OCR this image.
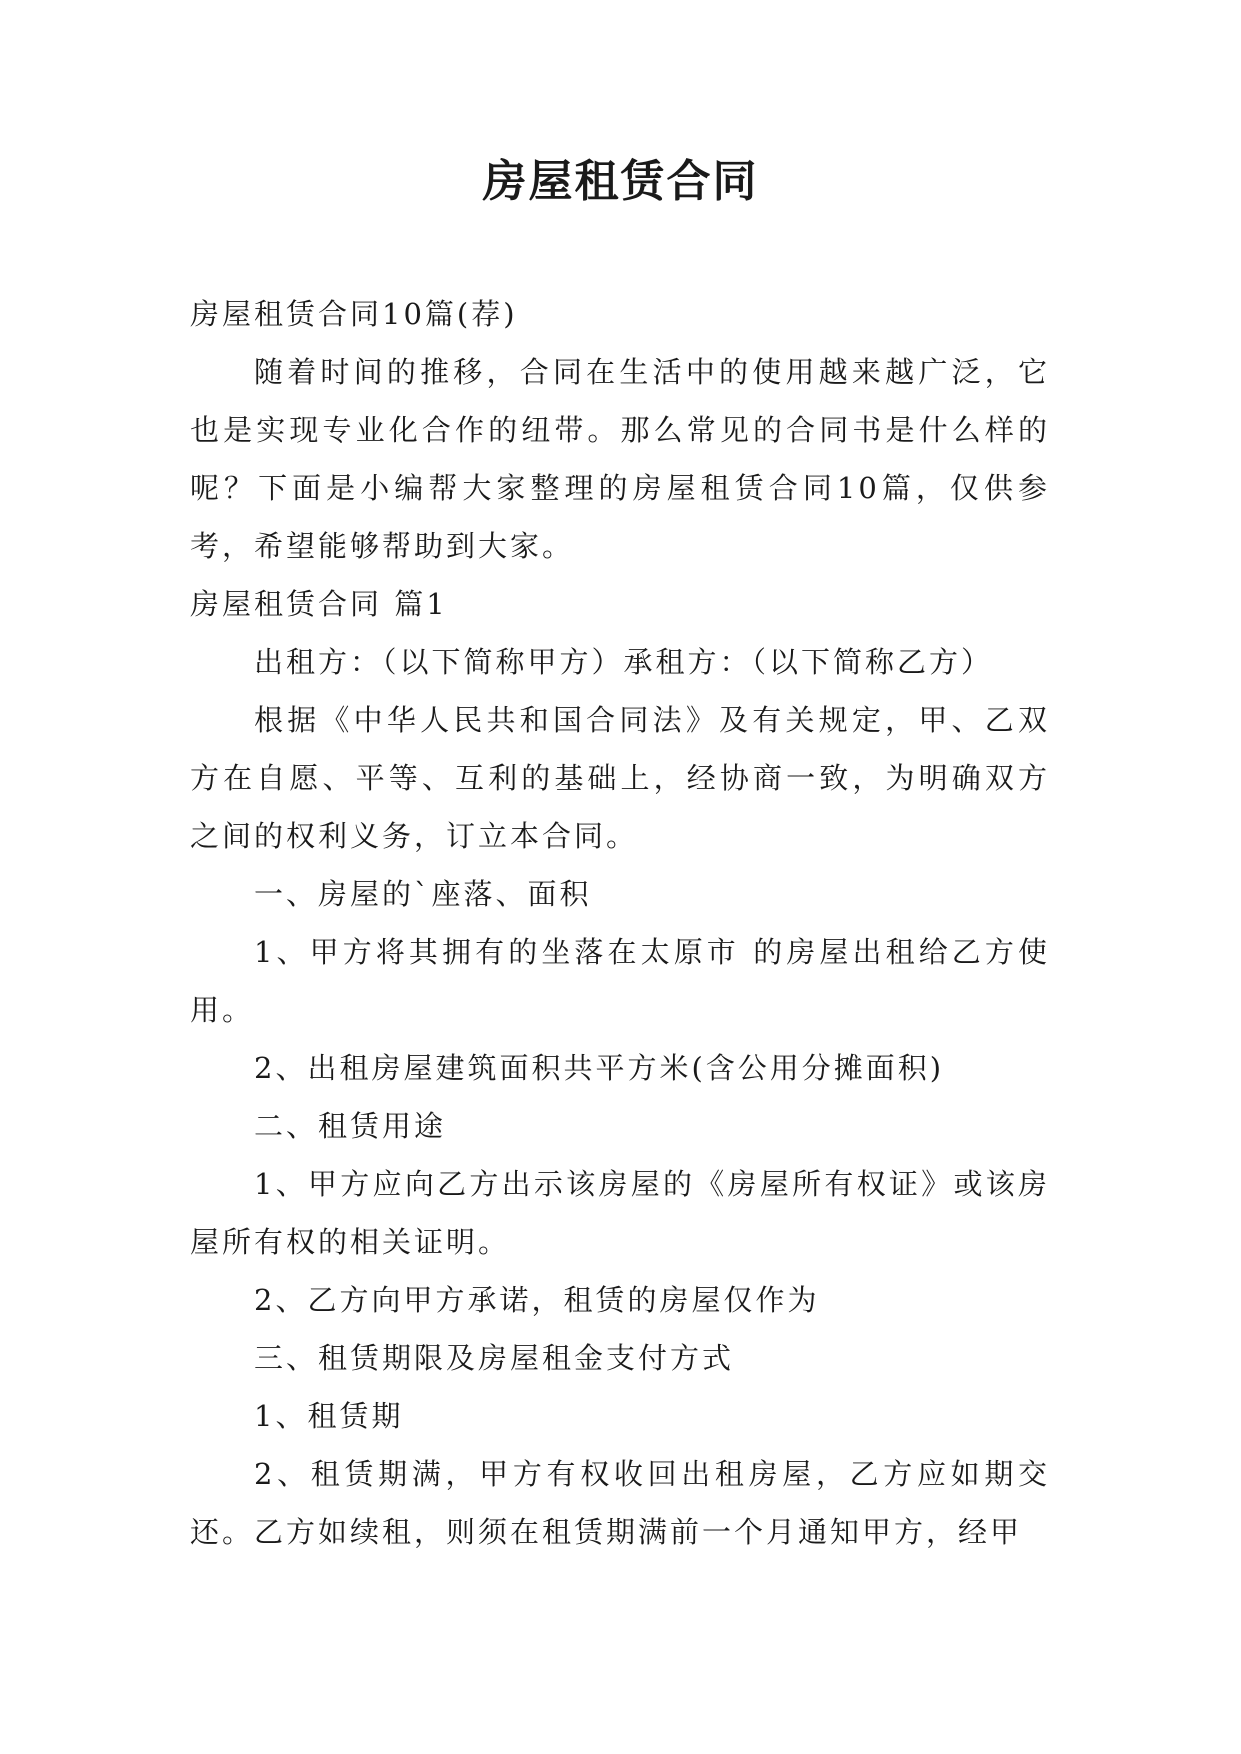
房屋租赁合同

房屋租赁合同10篇(荐)

随着时间的推移，合同在生活中的使用越来越广泛，它也是实现专业化合作的纽带。那么常见的合同书是什么样的呢？下面是小编帮大家整理的房屋租赁合同10篇，仅供参考，希望能够帮助到大家。

房屋租赁合同 篇1

出租方：（以下简称甲方）承租方：（以下简称乙方）

根据《中华人民共和国合同法》及有关规定，甲、乙双方在自愿、平等、互利的基础上，经协商一致，为明确双方之间的权利义务，订立本合同。

一、房屋的`座落、面积

1、甲方将其拥有的坐落在太原市 的房屋出租给乙方使用。

2、出租房屋建筑面积共平方米(含公用分摊面积)

二、租赁用途

1、甲方应向乙方出示该房屋的《房屋所有权证》或该房屋所有权的相关证明。

2、乙方向甲方承诺，租赁的房屋仅作为

三、租赁期限及房屋租金支付方式

1、租赁期

2、租赁期满，甲方有权收回出租房屋，乙方应如期交还。乙方如续租，则须在租赁期满前一个月通知甲方，经甲
